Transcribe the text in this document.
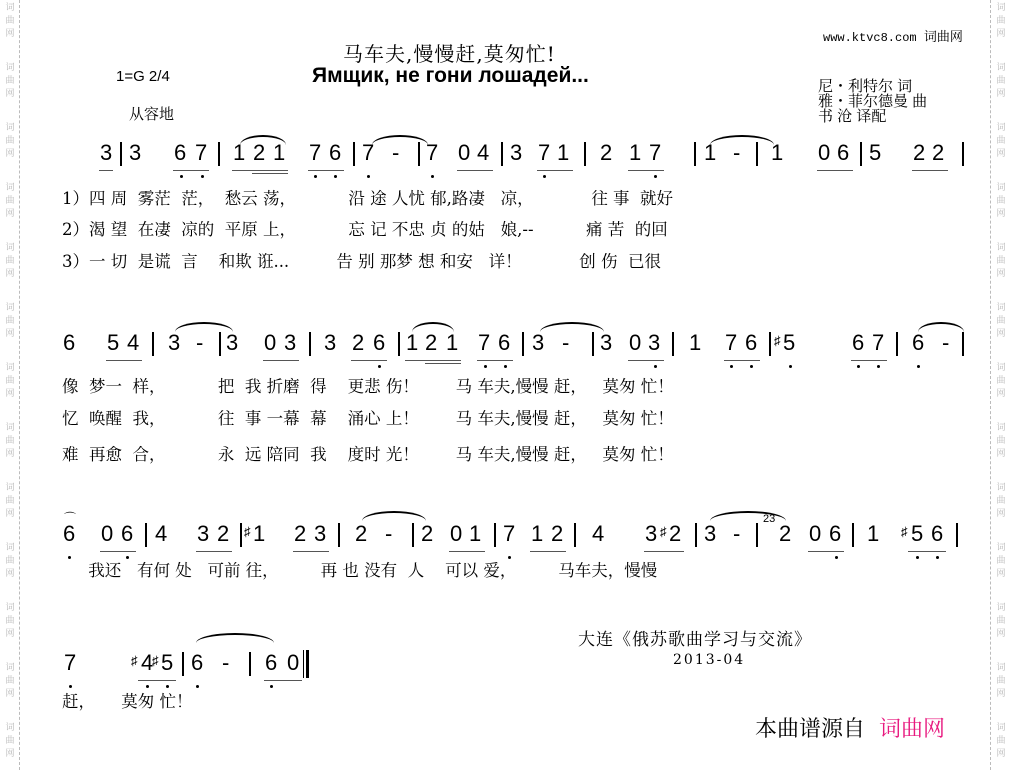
词
曲
网
词
曲
网
词
曲
网
词
曲
网
词
曲
网
词
曲
网
词
曲
网
词
曲
网
词
曲
网
词
曲
网
词
曲
网
词
曲
网
词
曲
网
词
曲
网
词
曲
网
词
曲
网
词
曲
网
词
曲
网
词
曲
网
词
曲
网
词
曲
网
词
曲
网
词
曲
网
词
曲
网
词
曲
网
词
曲
网
www.ktvc8.com 词曲网
马车夫,慢慢赶,莫匆忙!
Ямщик, не гони лошадей...
1=G 2/4
从容地
尼・利特尔 词
雅・菲尔德曼 曲
书 沧 译配
3 3 6 7 1 2 1 7 6 7 - 7 0 4 3 7 1 2 1 7 1 - 1 0 6 5 2 2
1）四 周  雾茫  茫，  愁云 荡，          沿 途 人忧 郁,路凄   凉，           往 事  就好
2）渴 望  在凄  凉的  平原 上，          忘 记 不忠 贞 的姑   娘,--          痛 苦  的回
3）一 切  是谎  言    和欺 诳...         告 别 那梦 想 和安   详！           创 伤  已很
6 5 4 3 - 3 0 3 3 2 6 1 2 1 7 6 3 - 3 0 3 1 7 6 ♯ 5	6 7 6 -
像  梦一  样，          把  我 折磨  得    更悲 伤！       马 车夫,慢慢 赶，   莫匆 忙！
忆  唤醒  我，          往  事 一幕  幕    涌心 上！       马 车夫,慢慢 赶，   莫匆 忙！
难  再愈  合，          永  远 陪同  我    度时 光！       马 车夫,慢慢 赶，   莫匆 忙！
⌒
6 0 6 4 3 2 ♯ 1 2 3 2 - 2 0 1 7 1 2 4 3 ♯ 2 3 -
23
2 0 6 1 ♯ 5 6
我还   有何 处   可前 往，        再 也 没有  人    可以 爱，        马车夫，慢慢
7	♯ 4
♯ 5 6 - 6 0
赶，     莫匆 忙！
大连《俄苏歌曲学习与交流》
2013-04
本曲谱源自 词曲网
